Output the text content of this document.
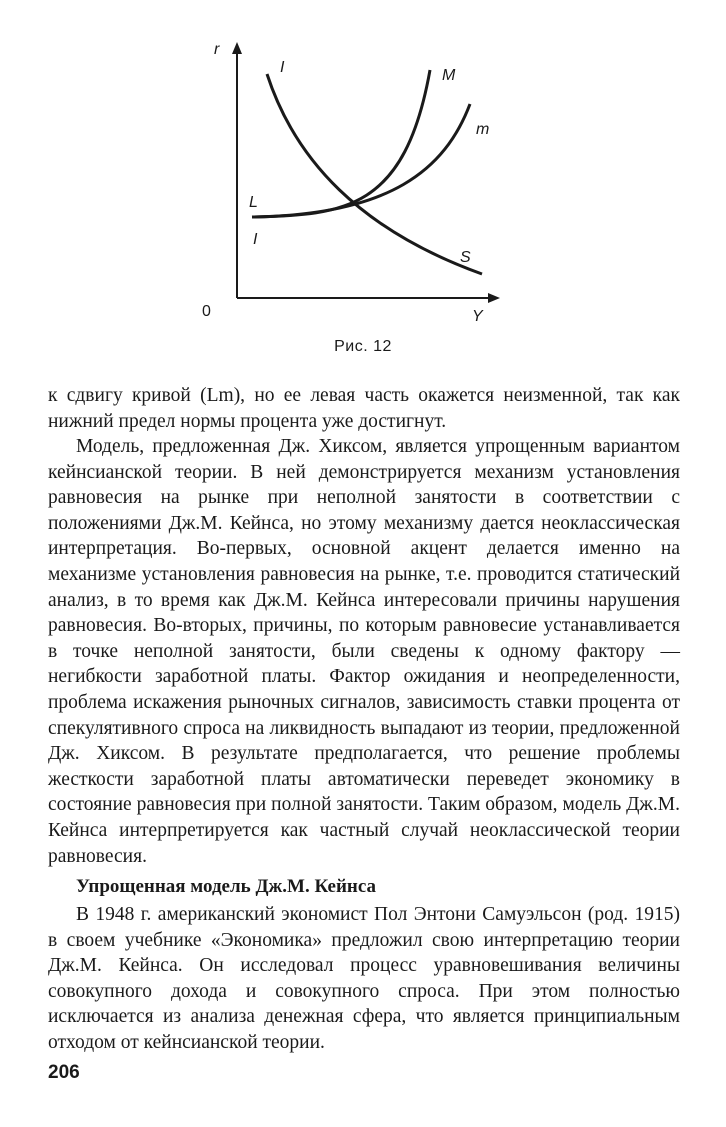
r
Y
0
I	M
m
L
I
S
Рис. 12

к сдвигу кривой (Lm), но ее левая часть окажется неизменной, так как нижний предел нормы процента уже достигнут.

Модель, предложенная Дж. Хиксом, является упрощенным вариантом кейнсианской теории. В ней демонстрируется механизм установления равновесия на рынке при неполной занятости в соответствии с положениями Дж.М. Кейнса, но этому механизму дается неоклассическая интерпретация. Во-первых, основной акцент делается именно на механизме установления равновесия на рынке, т.е. проводится статический анализ, в то время как Дж.М. Кейнса интересовали причины нарушения равновесия. Во-вторых, причины, по которым равновесие устанавливается в точке неполной занятости, были сведены к одному фактору — негибкости заработной платы. Фактор ожидания и неопределенности, проблема искажения рыночных сигналов, зависимость ставки процента от спекулятивного спроса на ликвидность выпадают из теории, предложенной Дж. Хиксом. В результате предполагается, что решение проблемы жесткости заработной платы автоматически переведет экономику в состояние равновесия при полной занятости. Таким образом, модель Дж.М. Кейнса интерпретируется как частный случай неоклассической теории равновесия.

Упрощенная модель Дж.М. Кейнса

В 1948 г. американский экономист Пол Энтони Самуэльсон (род. 1915) в своем учебнике «Экономика» предложил свою интерпретацию теории Дж.М. Кейнса. Он исследовал процесс уравновешивания величины совокупного дохода и совокупного спроса. При этом полностью исключается из анализа денежная сфера, что является принципиальным отходом от кейнсианской теории.

206
